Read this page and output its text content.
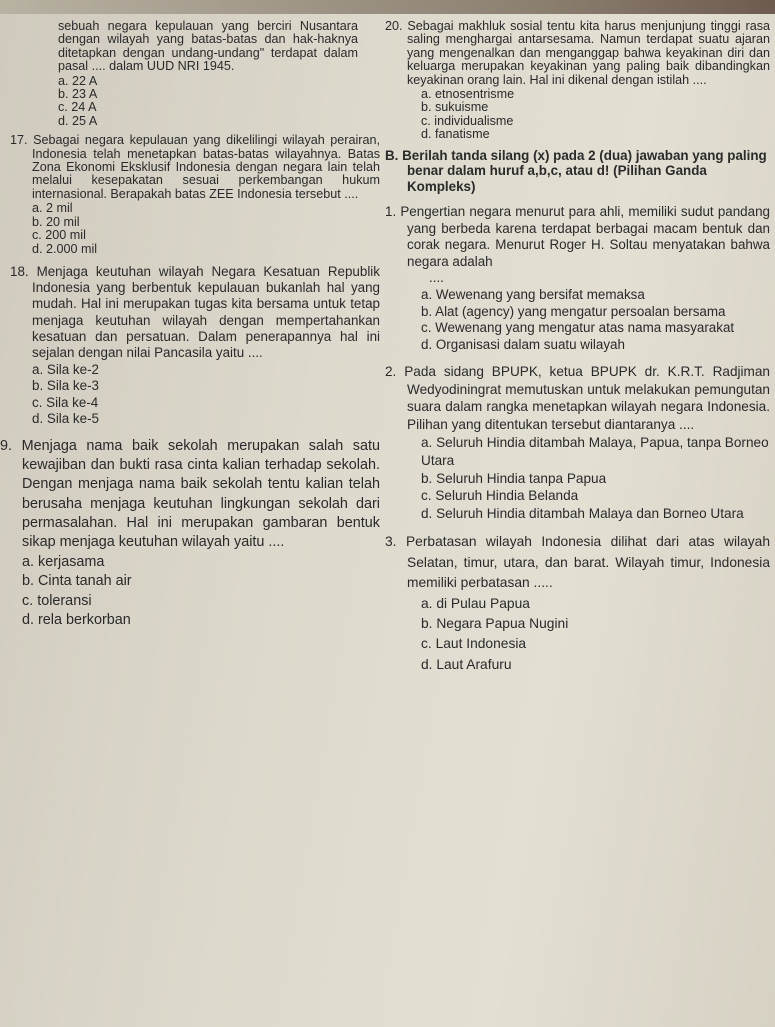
sebuah negara kepulauan yang berciri Nusantara dengan wilayah yang batas-batas dan hak-haknya ditetapkan dengan undang-undang" terdapat dalam pasal .... dalam UUD NRI 1945.
a. 22 A
b. 23 A
c. 24 A
d. 25 A
17. Sebagai negara kepulauan yang dikelilingi wilayah perairan, Indonesia telah menetapkan batas-batas wilayahnya. Batas Zona Ekonomi Eksklusif Indonesia dengan negara lain telah melalui kesepakatan sesuai perkembangan hukum internasional. Berapakah batas ZEE Indonesia tersebut ....
a. 2 mil
b. 20 mil
c. 200 mil
d. 2.000 mil
18. Menjaga keutuhan wilayah Negara Kesatuan Republik Indonesia yang berbentuk kepulauan bukanlah hal yang mudah. Hal ini merupakan tugas kita bersama untuk tetap menjaga keutuhan wilayah dengan mempertahankan kesatuan dan persatuan. Dalam penerapannya hal ini sejalan dengan nilai Pancasila yaitu ....
a. Sila ke-2
b. Sila ke-3
c. Sila ke-4
d. Sila ke-5
9. Menjaga nama baik sekolah merupakan salah satu kewajiban dan bukti rasa cinta kalian terhadap sekolah. Dengan menjaga nama baik sekolah tentu kalian telah berusaha menjaga keutuhan lingkungan sekolah dari permasalahan. Hal ini merupakan gambaran bentuk sikap menjaga keutuhan wilayah yaitu ....
a. kerjasama
b. Cinta tanah air
c. toleransi
d. rela berkorban
20. Sebagai makhluk sosial tentu kita harus menjunjung tinggi rasa saling menghargai antarsesama. Namun terdapat suatu ajaran yang mengenalkan dan menganggap bahwa keyakinan diri dan keluarga merupakan keyakinan yang paling baik dibandingkan keyakinan orang lain. Hal ini dikenal dengan istilah ....
a. etnosentrisme
b. sukuisme
c. individualisme
d. fanatisme
B. Berilah tanda silang (x) pada 2 (dua) jawaban yang paling benar dalam huruf a,b,c, atau d! (Pilihan Ganda Kompleks)
1. Pengertian negara menurut para ahli, memiliki sudut pandang yang berbeda karena terdapat berbagai macam bentuk dan corak negara. Menurut Roger H. Soltau menyatakan bahwa negara adalah
....
a. Wewenang yang bersifat memaksa
b. Alat (agency) yang mengatur persoalan bersama
c. Wewenang yang mengatur atas nama masyarakat
d. Organisasi dalam suatu wilayah
2. Pada sidang BPUPK, ketua BPUPK dr. K.R.T. Radjiman Wedyodiningrat memutuskan untuk melakukan pemungutan suara dalam rangka menetapkan wilayah negara Indonesia. Pilihan yang ditentukan tersebut diantaranya ....
a. Seluruh Hindia ditambah Malaya, Papua, tanpa Borneo Utara
b. Seluruh Hindia tanpa Papua
c. Seluruh Hindia Belanda
d. Seluruh Hindia ditambah Malaya dan Borneo Utara
3. Perbatasan wilayah Indonesia dilihat dari atas wilayah Selatan, timur, utara, dan barat. Wilayah timur, Indonesia memiliki perbatasan .....
a. di Pulau Papua
b. Negara Papua Nugini
c. Laut Indonesia
d. Laut Arafuru
